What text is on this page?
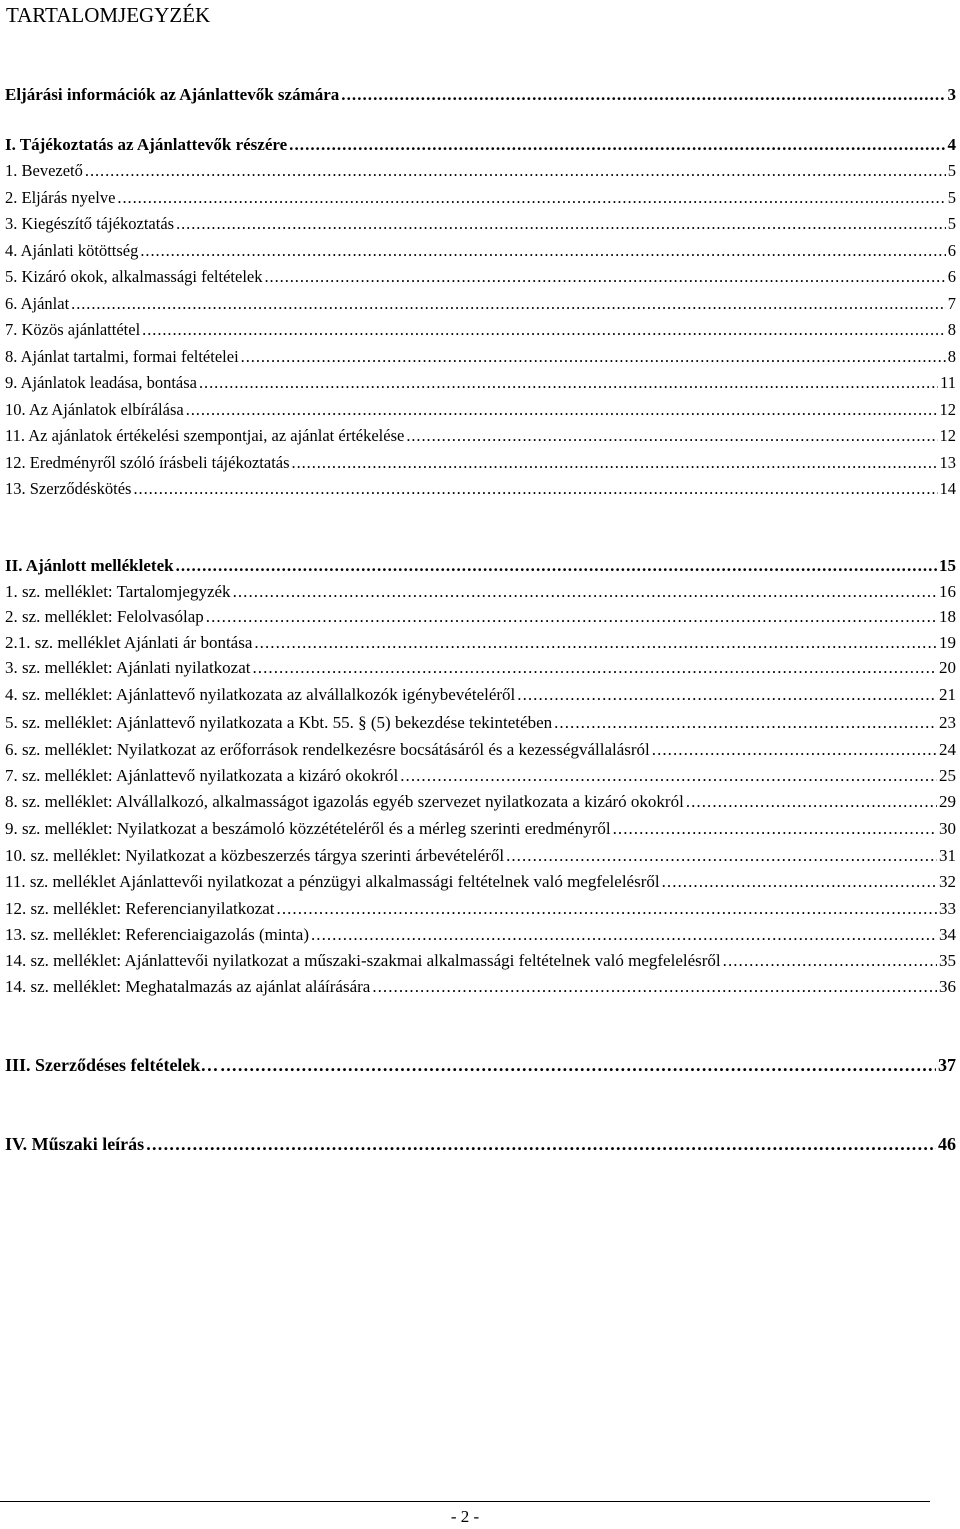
TARTALOMJEGYZÉK
Eljárási információk az Ajánlattevők számára . . .	3
I. Tájékoztatás az Ajánlattevők részére . . .	4
1. Bevezető . . .	5
2. Eljárás nyelve . . .	5
3. Kiegészítő tájékoztatás . . .	5
4. Ajánlati kötöttség . . .	6
5. Kizáró okok, alkalmassági feltételek . . .	6
6. Ajánlat . . .	7
7. Közös ajánlattétel . . .	8
8. Ajánlat tartalmi, formai feltételei . . .	8
9. Ajánlatok leadása, bontása . . .	11
10. Az Ajánlatok elbírálása . . .	12
11. Az ajánlatok értékelési szempontjai, az ajánlat értékelése . . .	12
12. Eredményről szóló írásbeli tájékoztatás . . .	13
13. Szerződéskötés . . .	14
II. Ajánlott mellékletek . . .	15
1. sz. melléklet: Tartalomjegyzék . . .	16
2. sz. melléklet: Felolvasólap . . .	18
2.1. sz. melléklet Ajánlati ár bontása . . .	19
3. sz. melléklet: Ajánlati nyilatkozat . . .	20
4. sz. melléklet: Ajánlattevő nyilatkozata az alvállalkozók igénybevételéről . . .	21
5. sz. melléklet: Ajánlattevő nyilatkozata a Kbt. 55. § (5) bekezdése tekintetében . . .	23
6. sz. melléklet: Nyilatkozat az erőforrások rendelkezésre bocsátásáról és a kezességvállalásról . . .	24
7. sz. melléklet: Ajánlattevő nyilatkozata a kizáró okokról . . .	25
8. sz. melléklet: Alvállalkozó, alkalmasságot igazolás egyéb szervezet nyilatkozata a kizáró okokról . . .	29
9. sz. melléklet: Nyilatkozat a beszámoló közzétételéről és a mérleg szerinti eredményről . . .	30
10. sz. melléklet: Nyilatkozat a közbeszerzés tárgya szerinti árbevételéről . . .	31
11. sz. melléklet Ajánlattevői nyilatkozat a pénzügyi alkalmassági feltételnek való megfelelésről . . .	32
12. sz. melléklet: Referencianyilatkozat . . .	33
13. sz. melléklet: Referenciaigazolás (minta) . . .	34
14. sz. melléklet: Ajánlattevői nyilatkozat a műszaki-szakmai alkalmassági feltételnek való megfelelésről . . .	35
14. sz. melléklet: Meghatalmazás az ajánlat aláírására . . .	36
III. Szerződéses feltételek… . . .	37
IV. Műszaki leírás . . .	46
- 2 -
